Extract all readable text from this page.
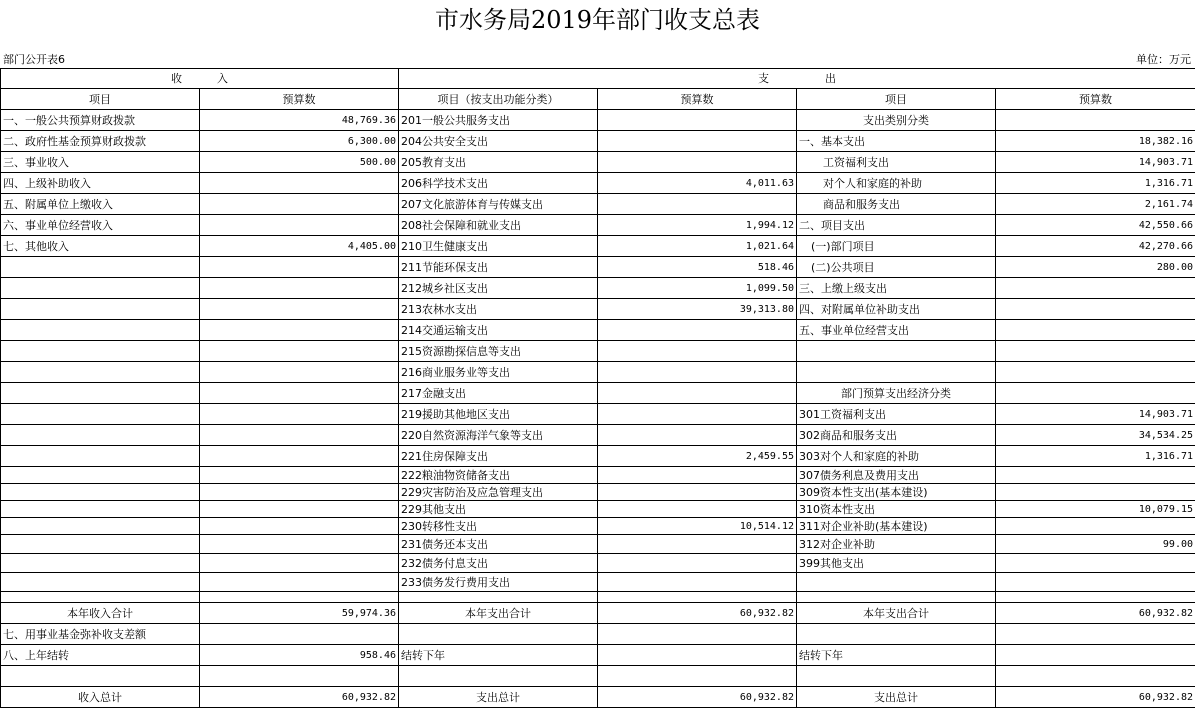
市水务局2019年部门收支总表
部门公开表6	单位：万元
收          入		支                出			
项目	预算数	项目（按支出功能分类）	预算数	项目	预算数
一、一般公共预算财政拨款	48,769.36	201一般公共服务支出		支出类别分类	
二、政府性基金预算财政拨款	6,300.00	204公共安全支出		一、基本支出	18,382.16
三、事业收入	500.00	205教育支出		工资福利支出	14,903.71
四、上级补助收入		206科学技术支出	4,011.63	对个人和家庭的补助	1,316.71
五、附属单位上缴收入		207文化旅游体育与传媒支出		商品和服务支出	2,161.74
六、事业单位经营收入		208社会保障和就业支出	1,994.12	二、项目支出	42,550.66
七、其他收入	4,405.00	210卫生健康支出	1,021.64	(一)部门项目	42,270.66
		211节能环保支出	518.46	(二)公共项目	280.00
		212城乡社区支出	1,099.50	三、上缴上级支出	
		213农林水支出	39,313.80	四、对附属单位补助支出	
		214交通运输支出		五、事业单位经营支出	
		215资源勘探信息等支出			
		216商业服务业等支出			
		217金融支出		部门预算支出经济分类	
		219援助其他地区支出		301工资福利支出	14,903.71
		220自然资源海洋气象等支出		302商品和服务支出	34,534.25
		221住房保障支出	2,459.55	303对个人和家庭的补助	1,316.71
		222粮油物资储备支出		307债务利息及费用支出	
		229灾害防治及应急管理支出		309资本性支出(基本建设)	
		229其他支出		310资本性支出	10,079.15
		230转移性支出	10,514.12	311对企业补助(基本建设)	
		231债务还本支出		312对企业补助	99.00
		232债务付息支出		399其他支出	
		233债务发行费用支出			

本年收入合计	59,974.36	本年支出合计	60,932.82	本年支出合计	60,932.82
七、用事业基金弥补收支差额					
八、上年结转	958.46	结转下年		结转下年	

收入总计	60,932.82	支出总计	60,932.82	支出总计	60,932.82
